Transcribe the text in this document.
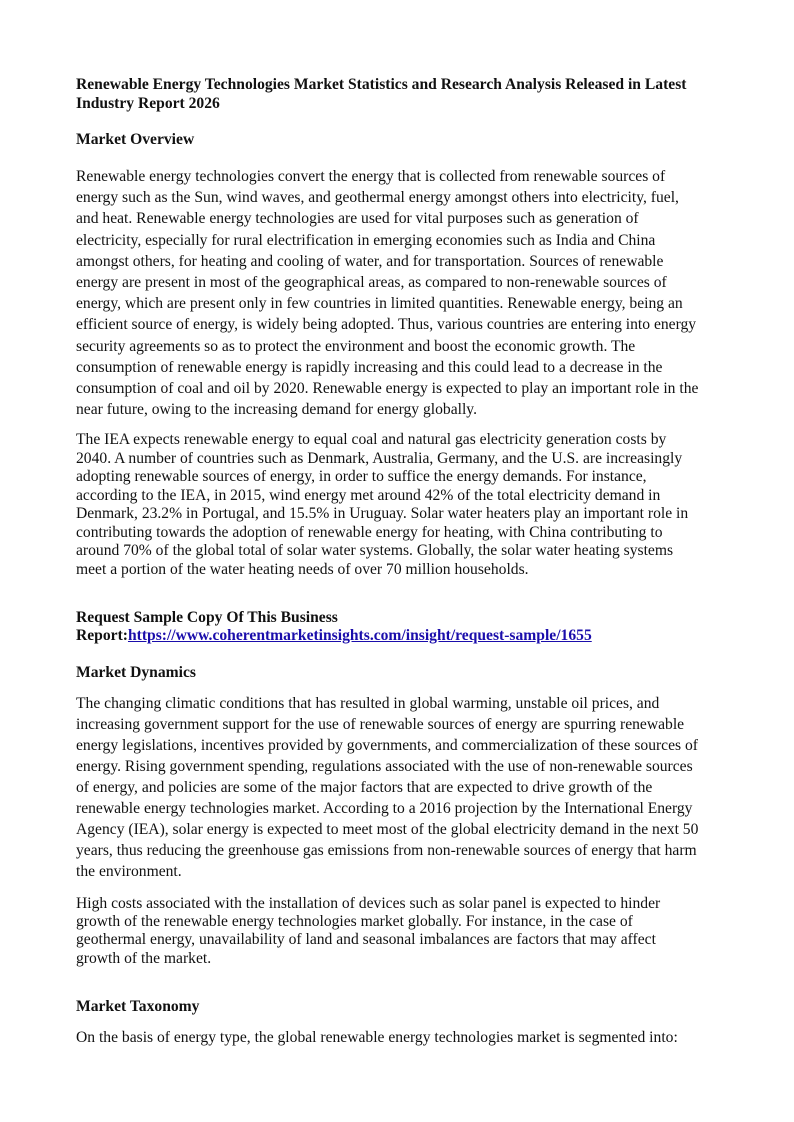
Renewable Energy Technologies Market Statistics and Research Analysis Released in Latest
Industry Report 2026
Market Overview
Renewable energy technologies convert the energy that is collected from renewable sources of
energy such as the Sun, wind waves, and geothermal energy amongst others into electricity, fuel,
and heat. Renewable energy technologies are used for vital purposes such as generation of
electricity, especially for rural electrification in emerging economies such as India and China
amongst others, for heating and cooling of water, and for transportation. Sources of renewable
energy are present in most of the geographical areas, as compared to non-renewable sources of
energy, which are present only in few countries in limited quantities. Renewable energy, being an
efficient source of energy, is widely being adopted. Thus, various countries are entering into energy
security agreements so as to protect the environment and boost the economic growth. The
consumption of renewable energy is rapidly increasing and this could lead to a decrease in the
consumption of coal and oil by 2020. Renewable energy is expected to play an important role in the
near future, owing to the increasing demand for energy globally.
The IEA expects renewable energy to equal coal and natural gas electricity generation costs by
2040. A number of countries such as Denmark, Australia, Germany, and the U.S. are increasingly
adopting renewable sources of energy, in order to suffice the energy demands. For instance,
according to the IEA, in 2015, wind energy met around 42% of the total electricity demand in
Denmark, 23.2% in Portugal, and 15.5% in Uruguay. Solar water heaters play an important role in
contributing towards the adoption of renewable energy for heating, with China contributing to
around 70% of the global total of solar water systems. Globally, the solar water heating systems
meet a portion of the water heating needs of over 70 million households.
Request Sample Copy Of This Business
Report:https://www.coherentmarketinsights.com/insight/request-sample/1655
Market Dynamics
The changing climatic conditions that has resulted in global warming, unstable oil prices, and
increasing government support for the use of renewable sources of energy are spurring renewable
energy legislations, incentives provided by governments, and commercialization of these sources of
energy. Rising government spending, regulations associated with the use of non-renewable sources
of energy, and policies are some of the major factors that are expected to drive growth of the
renewable energy technologies market. According to a 2016 projection by the International Energy
Agency (IEA), solar energy is expected to meet most of the global electricity demand in the next 50
years, thus reducing the greenhouse gas emissions from non-renewable sources of energy that harm
the environment.
High costs associated with the installation of devices such as solar panel is expected to hinder
growth of the renewable energy technologies market globally. For instance, in the case of
geothermal energy, unavailability of land and seasonal imbalances are factors that may affect
growth of the market.
Market Taxonomy
On the basis of energy type, the global renewable energy technologies market is segmented into:
